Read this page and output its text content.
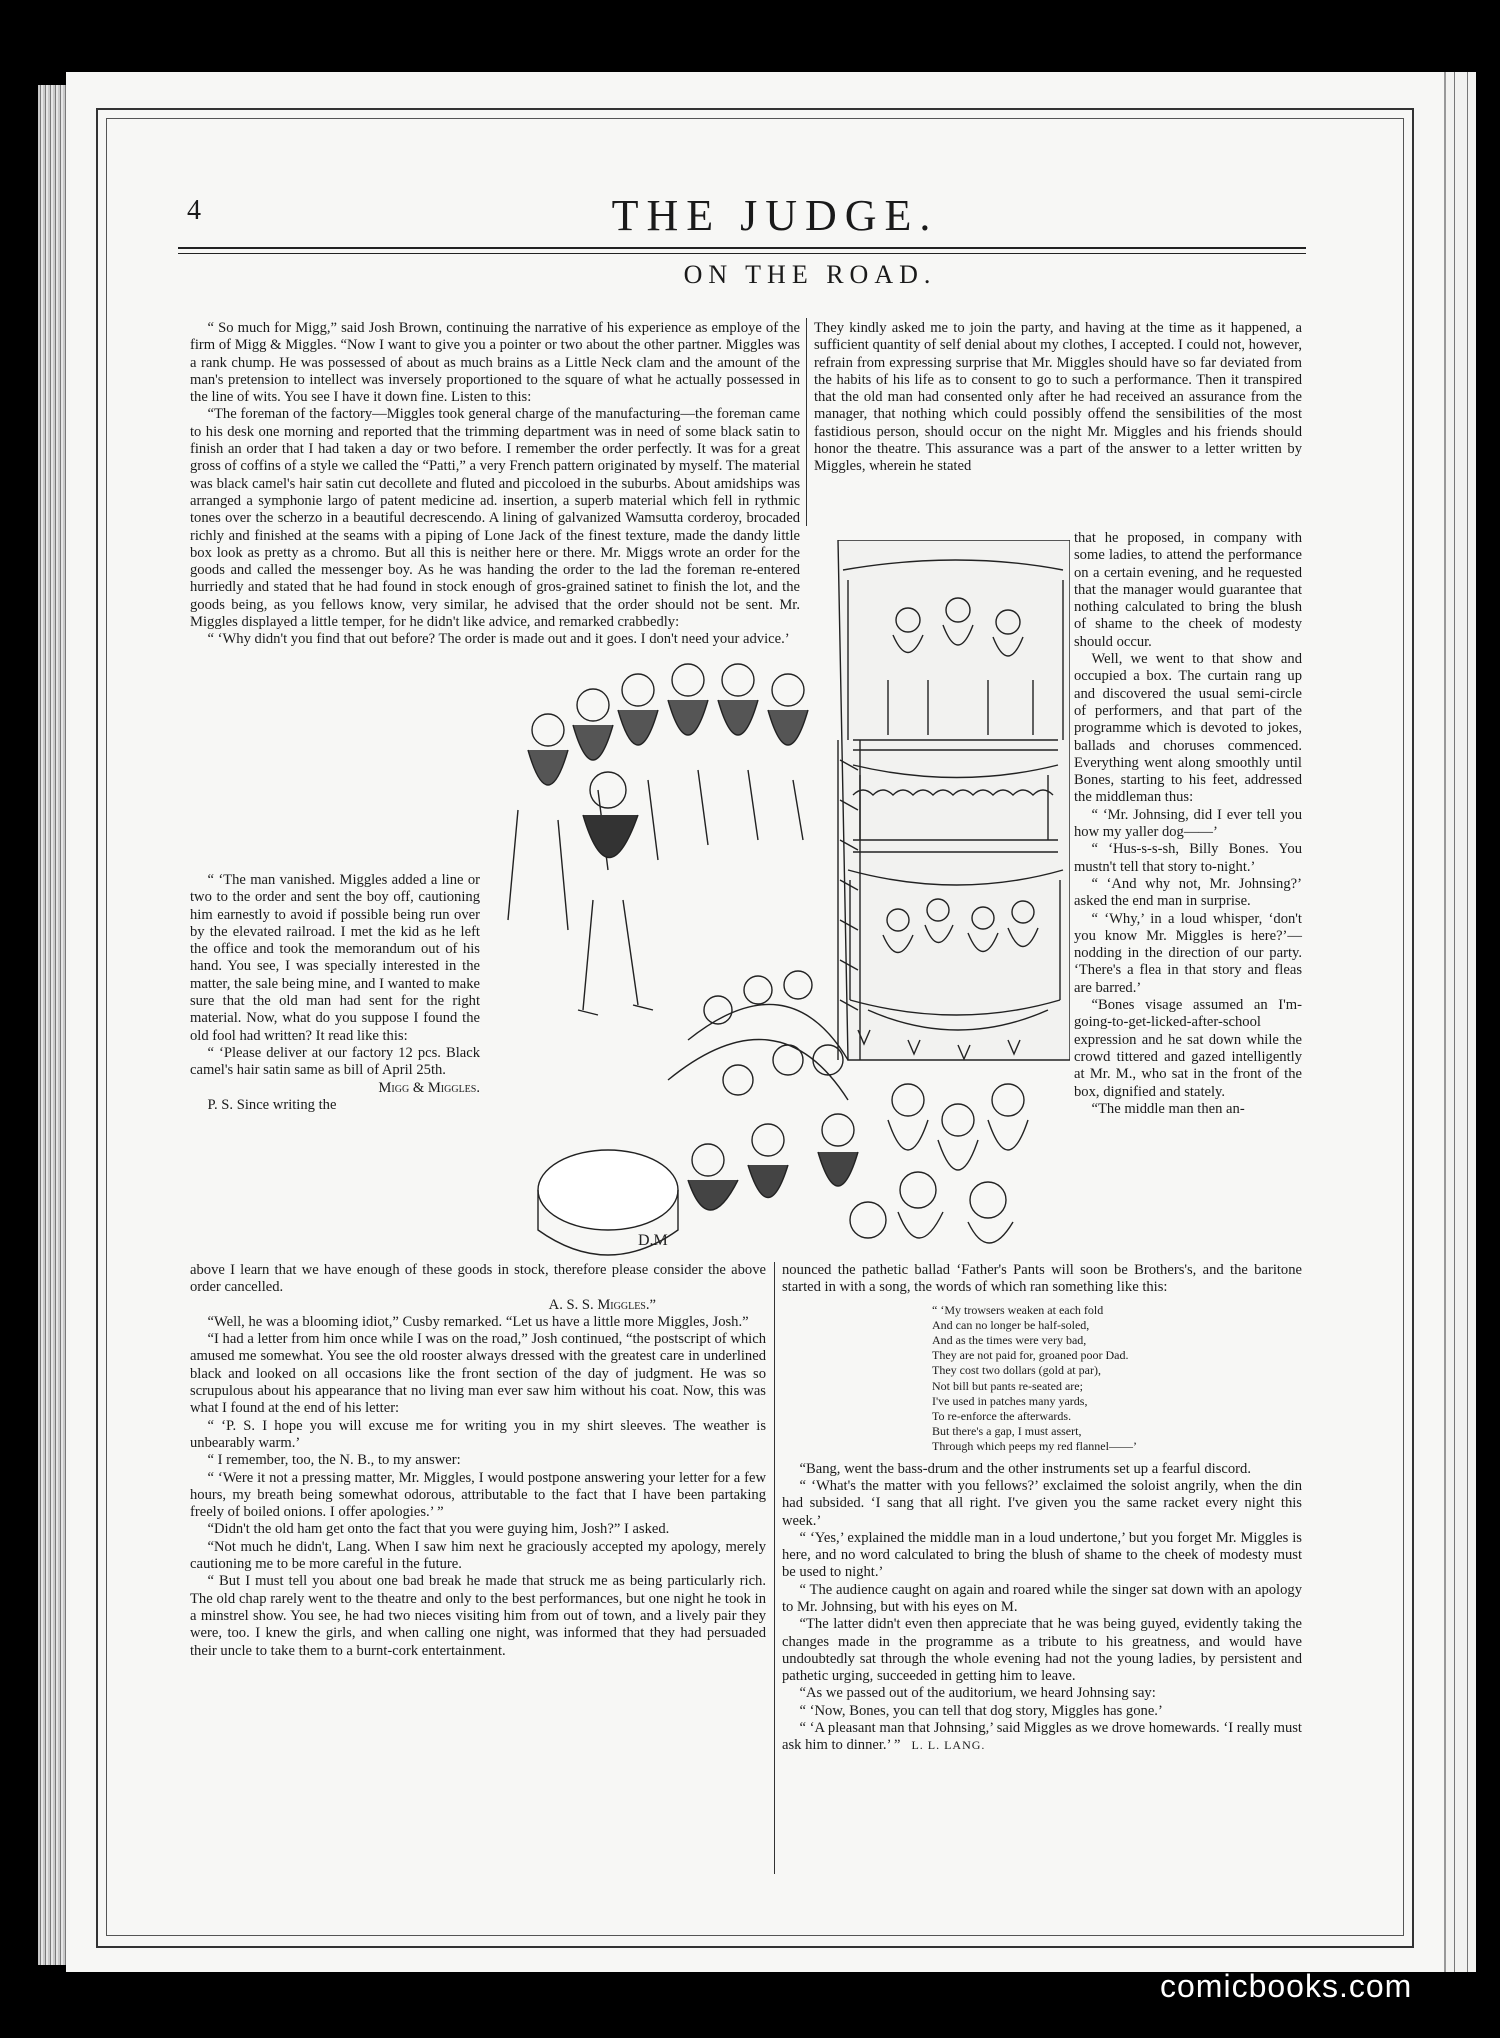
4	THE JUDGE.
ON THE ROAD.

“ So much for Migg,” said Josh Brown, continuing the narrative of his experience as employe of the firm of Migg & Miggles. “Now I want to give you a pointer or two about the other partner. Miggles was a rank chump. He was possessed of about as much brains as a Little Neck clam and the amount of the man's pretension to intellect was inversely proportioned to the square of what he actually possessed in the line of wits. You see I have it down fine. Listen to this:

“The foreman of the factory—Miggles took general charge of the manufacturing—the foreman came to his desk one morning and reported that the trimming department was in need of some black satin to finish an order that I had taken a day or two before. I remember the order perfectly. It was for a great gross of coffins of a style we called the “Patti,” a very French pattern originated by myself. The material was black camel's hair satin cut decollete and fluted and piccoloed in the suburbs. About amidships was arranged a symphonie largo of patent medicine ad. insertion, a superb material which fell in rythmic tones over the scherzo in a beautiful decrescendo. A lining of galvanized Wamsutta corderoy, brocaded richly and finished at the seams with a piping of Lone Jack of the finest texture, made the dandy little box look as pretty as a chromo. But all this is neither here or there. Mr. Miggs wrote an order for the goods and called the messenger boy. As he was handing the order to the lad the foreman re-entered hurriedly and stated that he had found in stock enough of gros-grained satinet to finish the lot, and the goods being, as you fellows know, very similar, he advised that the order should not be sent. Mr. Miggles displayed a little temper, for he didn't like advice, and remarked crabbedly:

“ ‘Why didn't you find that out before? The order is made out and it goes. I don't need your advice.’

“ ‘The man vanished. Miggles added a line or two to the order and sent the boy off, cautioning him earnestly to avoid if possible being run over by the elevated railroad. I met the kid as he left the office and took the memorandum out of his hand. You see, I was specially interested in the matter, the sale being mine, and I wanted to make sure that the old man had sent for the right material. Now, what do you suppose I found the old fool had written? It read like this:

“ ‘Please deliver at our factory 12 pcs. Black camel's hair satin same as bill of April 25th.

Migg & Miggles.

P. S. Since writing the

above I learn that we have enough of these goods in stock, therefore please consider the above order cancelled.

A. S. S. Miggles.”

“Well, he was a blooming idiot,” Cusby remarked. “Let us have a little more Miggles, Josh.”

“I had a letter from him once while I was on the road,” Josh continued, “the postscript of which amused me somewhat. You see the old rooster always dressed with the greatest care in underlined black and looked on all occasions like the front section of the day of judgment. He was so scrupulous about his appearance that no living man ever saw him without his coat. Now, this was what I found at the end of his letter:

“ ‘P. S. I hope you will excuse me for writing you in my shirt sleeves. The weather is unbearably warm.’

“ I remember, too, the N. B., to my answer:

“ ‘Were it not a pressing matter, Mr. Miggles, I would postpone answering your letter for a few hours, my breath being somewhat odorous, attributable to the fact that I have been partaking freely of boiled onions. I offer apologies.’ ”

“Didn't the old ham get onto the fact that you were guying him, Josh?” I asked.

“Not much he didn't, Lang. When I saw him next he graciously accepted my apology, merely cautioning me to be more careful in the future.

“ But I must tell you about one bad break he made that struck me as being particularly rich. The old chap rarely went to the theatre and only to the best performances, but one night he took in a minstrel show. You see, he had two nieces visiting him from out of town, and a lively pair they were, too. I knew the girls, and when calling one night, was informed that they had persuaded their uncle to take them to a burnt-cork entertainment.

They kindly asked me to join the party, and having at the time as it happened, a sufficient quantity of self denial about my clothes, I accepted. I could not, however, refrain from expressing surprise that Mr. Miggles should have so far deviated from the habits of his life as to consent to go to such a performance. Then it transpired that the old man had consented only after he had received an assurance from the manager, that nothing which could possibly offend the sensibilities of the most fastidious person, should occur on the night Mr. Miggles and his friends should honor the theatre. This assurance was a part of the answer to a letter written by Miggles, wherein he stated

that he proposed, in company with some ladies, to attend the performance on a certain evening, and he requested that the manager would guarantee that nothing calculated to bring the blush of shame to the cheek of modesty should occur.

Well, we went to that show and occupied a box. The curtain rang up and discovered the usual semi-circle of performers, and that part of the programme which is devoted to jokes, ballads and choruses commenced. Everything went along smoothly until Bones, starting to his feet, addressed the middleman thus:

“ ‘Mr. Johnsing, did I ever tell you how my yaller dog——’

“ ‘Hus-s-s-sh, Billy Bones. You mustn't tell that story to-night.’

“ ‘And why not, Mr. Johnsing?’ asked the end man in surprise.

“ ‘Why,’ in a loud whisper, ‘don't you know Mr. Miggles is here?’—nodding in the direction of our party. ‘There's a flea in that story and fleas are barred.’

“Bones visage assumed an I'm-going-to-get-licked-after-school expression and he sat down while the crowd tittered and gazed intelligently at Mr. M., who sat in the front of the box, dignified and stately.

“The middle man then an-

nounced the pathetic ballad ‘Father's Pants will soon be Brothers's, and the baritone started in with a song, the words of which ran something like this:

“ ‘My trowsers weaken at each fold
And can no longer be half-soled,
And as the times were very bad,
They are not paid for, groaned poor Dad.
They cost two dollars (gold at par),
Not bill but pants re-seated are;
I've used in patches many yards,
To re-enforce the afterwards.
But there's a gap, I must assert,
Through which peeps my red flannel——’

“Bang, went the bass-drum and the other instruments set up a fearful discord.

“ ‘What's the matter with you fellows?’ exclaimed the soloist angrily, when the din had subsided. ‘I sang that all right. I've given you the same racket every night this week.’

“ ‘Yes,’ explained the middle man in a loud undertone,’ but you forget Mr. Miggles is here, and no word calculated to bring the blush of shame to the cheek of modesty must be used to night.’

“ The audience caught on again and roared while the singer sat down with an apology to Mr. Johnsing, but with his eyes on M.

“The latter didn't even then appreciate that he was being guyed, evidently taking the changes made in the programme as a tribute to his greatness, and would have undoubtedly sat through the whole evening had not the young ladies, by persistent and pathetic urging, succeeded in getting him to leave.

“As we passed out of the auditorium, we heard Johnsing say:

“ ‘Now, Bones, you can tell that dog story, Miggles has gone.’

“ ‘A pleasant man that Johnsing,’ said Miggles as we drove homewards. ‘I really must ask him to dinner.’ ” L. L. LANG.

D.M
comicbooks.com
